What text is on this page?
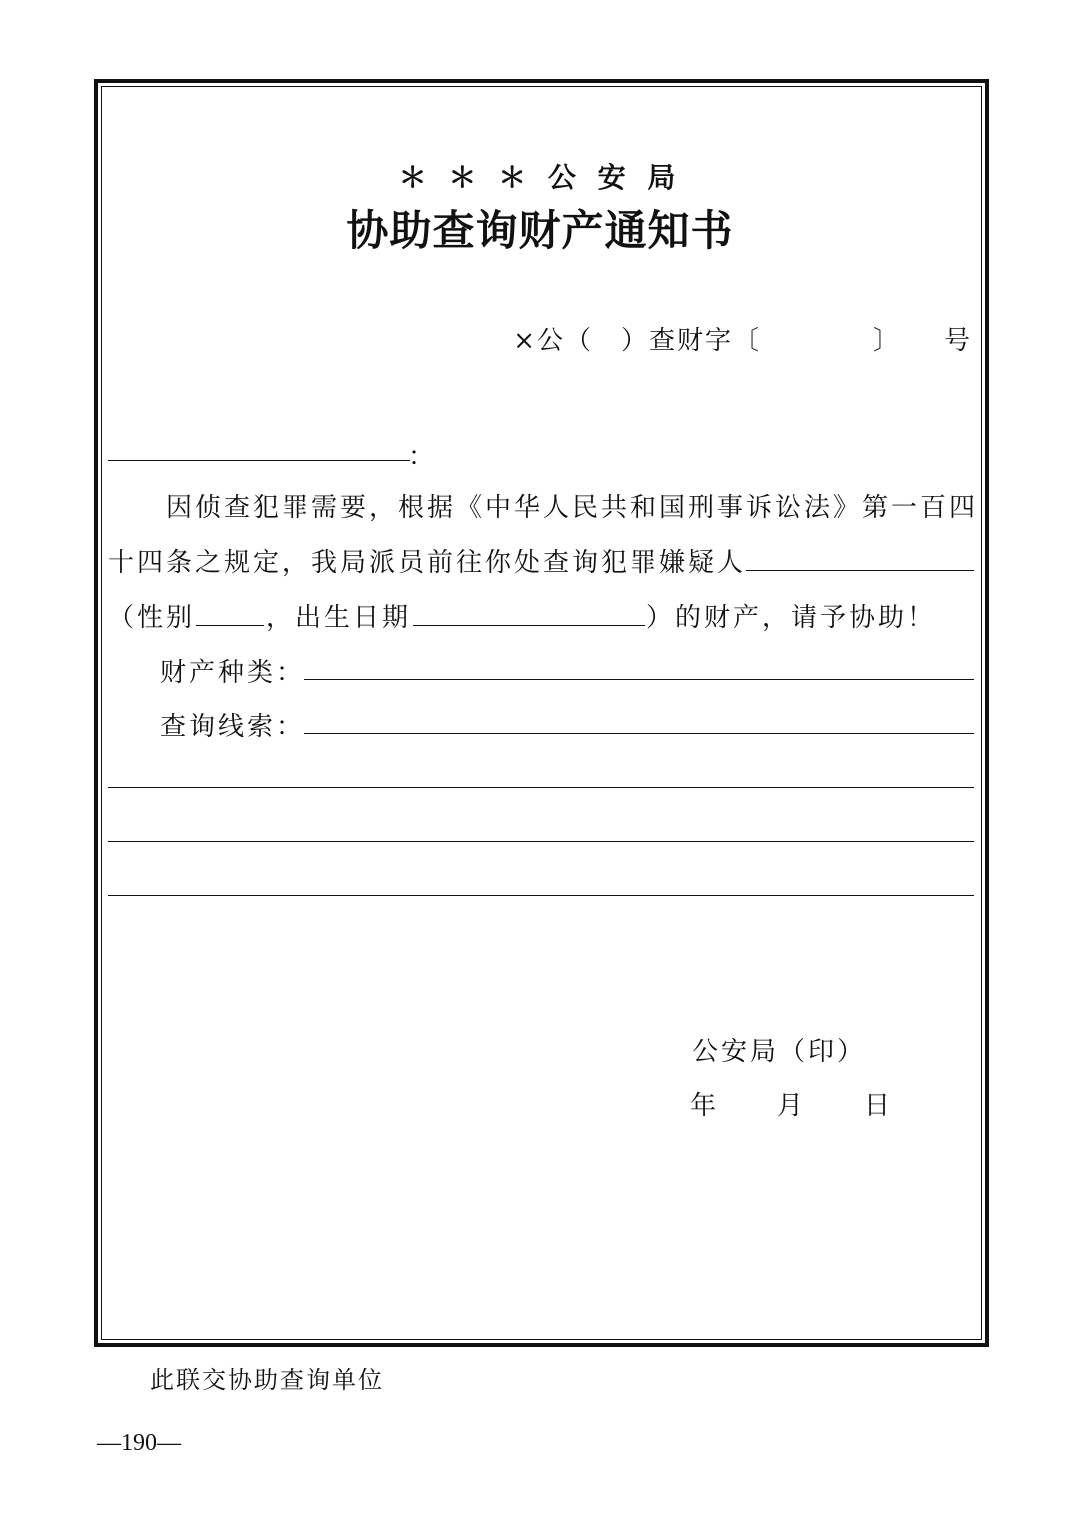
＊ ＊ ＊ 公 安 局
协助查询财产通知书
×公（　）查财字〔　　　　〕　　号
：
因侦查犯罪需要，根据《中华人民共和国刑事诉讼法》第一百四
十四条之规定，我局派员前往你处查询犯罪嫌疑人
（性别	，出生日期	）的财产，请予协助！
财产种类：
查询线索：
公安局（印）
年　　月　　日
此联交协助查询单位
—190—
